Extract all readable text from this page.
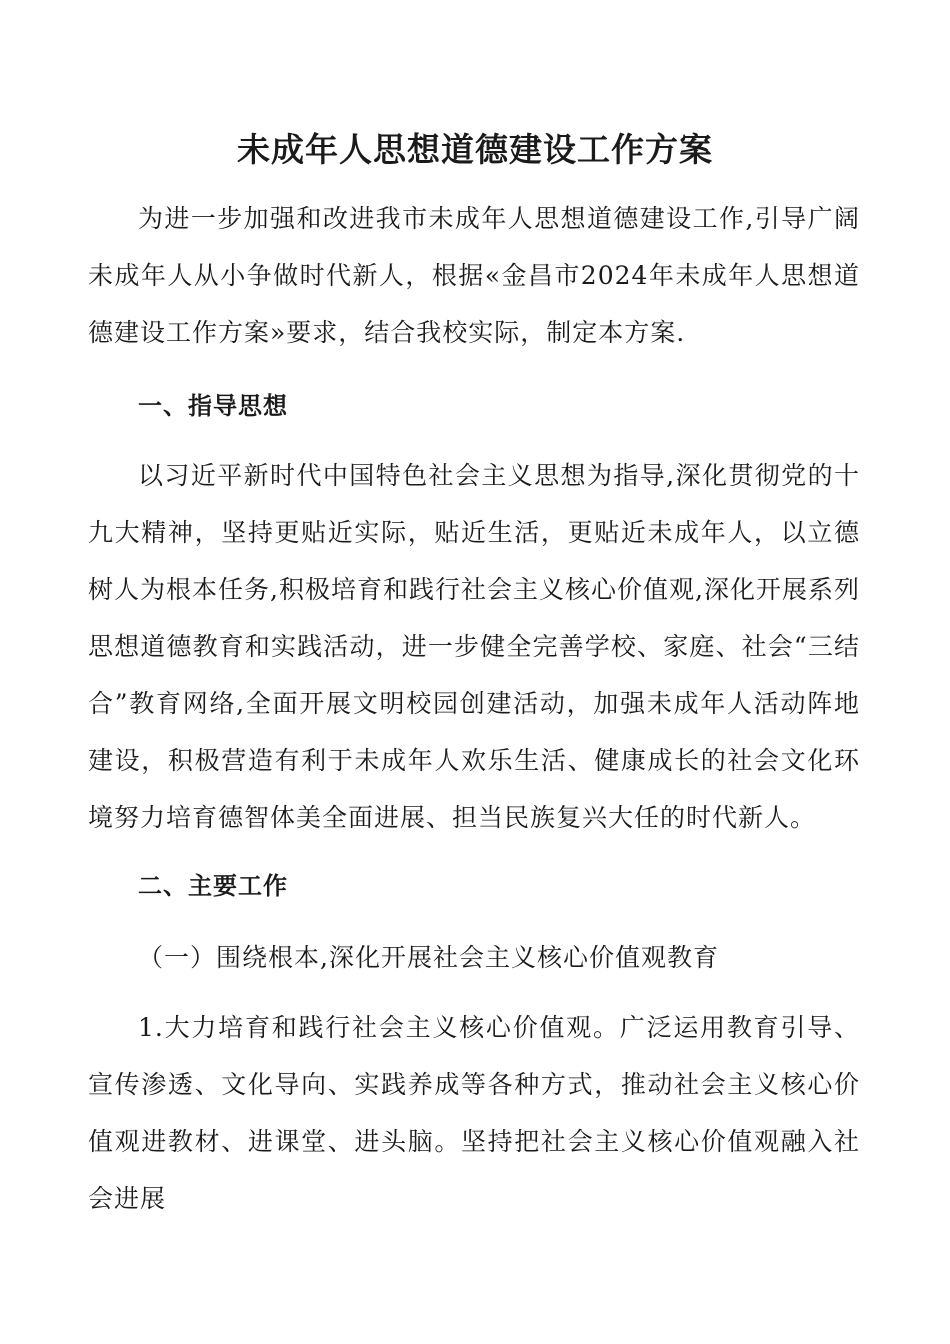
未成年人思想道德建设工作方案

为进一步加强和改进我市未成年人思想道德建设工作,引导广阔未成年人从小争做时代新人，根据«金昌市2024年未成年人思想道德建设工作方案»要求，结合我校实际，制定本方案.

一、指导思想

以习近平新时代中国特色社会主义思想为指导,深化贯彻党的十九大精神，坚持更贴近实际，贴近生活，更贴近未成年人，以立德树人为根本任务,积极培育和践行社会主义核心价值观,深化开展系列思想道德教育和实践活动，进一步健全完善学校、家庭、社会“三结合”教育网络,全面开展文明校园创建活动，加强未成年人活动阵地建设，积极营造有利于未成年人欢乐生活、健康成长的社会文化环境努力培育德智体美全面进展、担当民族复兴大任的时代新人。

二、主要工作
（一）围绕根本,深化开展社会主义核心价值观教育

1.大力培育和践行社会主义核心价值观。广泛运用教育引导、宣传渗透、文化导向、实践养成等各种方式，推动社会主义核心价值观进教材、进课堂、进头脑。坚持把社会主义核心价值观融入社会进展
